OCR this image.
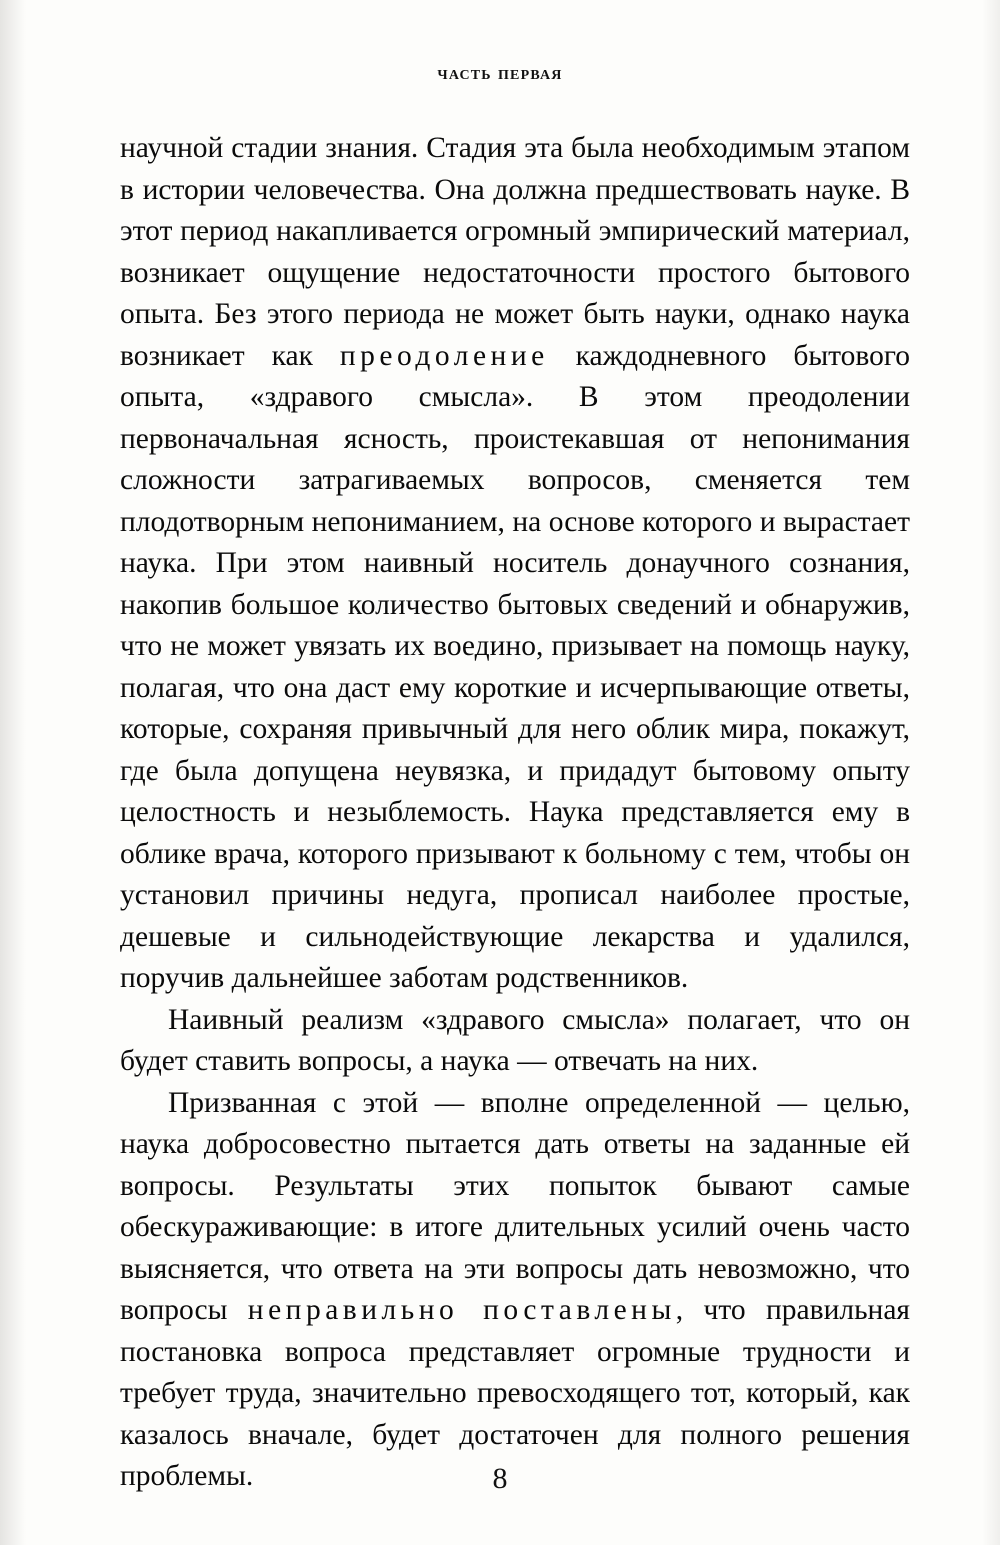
часть первая

научной стадии знания. Стадия эта была необходимым этапом в истории человечества. Она должна предшествовать науке. В этот период накапливается огромный эмпирический материал, возникает ощущение недостаточности простого бытового опыта. Без этого периода не может быть науки, однако наука возникает как преодоление каждодневного бытового опыта, «здравого смысла». В этом преодолении первоначальная ясность, проистекавшая от непонимания сложности затрагиваемых вопросов, сменяется тем плодотворным непониманием, на основе которого и вырастает наука. При этом наивный носитель донаучного сознания, накопив большое количество бытовых сведений и обнаружив, что не может увязать их воедино, призывает на помощь науку, полагая, что она даст ему короткие и исчерпывающие ответы, которые, сохраняя привычный для него облик мира, покажут, где была допущена неувязка, и придадут бытовому опыту целостность и незыблемость. Наука представляется ему в облике врача, которого призывают к больному с тем, чтобы он установил причины недуга, прописал наиболее простые, дешевые и сильнодействующие лекарства и удалился, поручив дальнейшее заботам родственников.

Наивный реализм «здравого смысла» полагает, что он будет ставить вопросы, а наука — отвечать на них.

Призванная с этой — вполне определенной — целью, наука добросовестно пытается дать ответы на заданные ей вопросы. Результаты этих попыток бывают самые обескураживающие: в итоге длительных усилий очень часто выясняется, что ответа на эти вопросы дать невозможно, что вопросы неправильно поставлены, что правильная постановка вопроса представляет огромные трудности и требует труда, значительно превосходящего тот, который, как казалось вначале, будет достаточен для полного решения проблемы.	8
